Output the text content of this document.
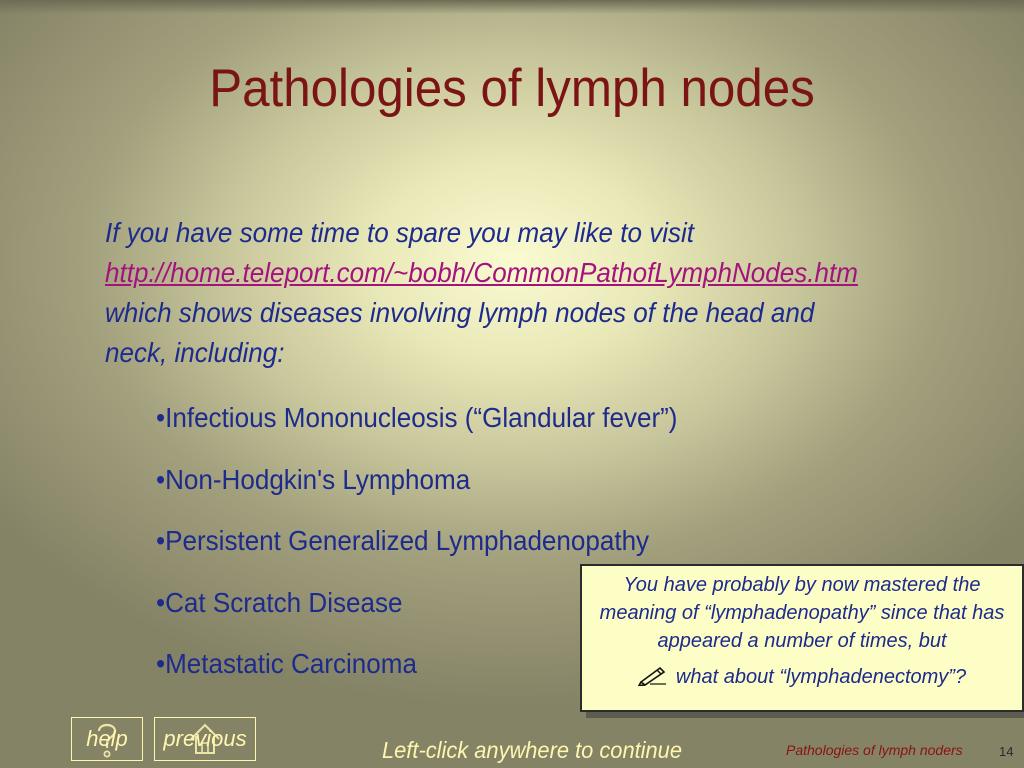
Pathologies of lymph nodes
If you have some time to spare you may like to visit
http://home.teleport.com/~bobh/CommonPathofLymphNodes.htm
which shows diseases involving lymph nodes of the head and neck, including:
•Infectious Mononucleosis (“Glandular fever”)
•Non-Hodgkin's Lymphoma
•Persistent Generalized Lymphadenopathy
•Cat Scratch Disease
•Metastatic Carcinoma

You have probably by now mastered the meaning of “lymphadenopathy” since that has appeared a number of times, but

what about “lymphadenectomy”?

help previous	Left-click anywhere to continue	Pathologies of lymph noders	14
